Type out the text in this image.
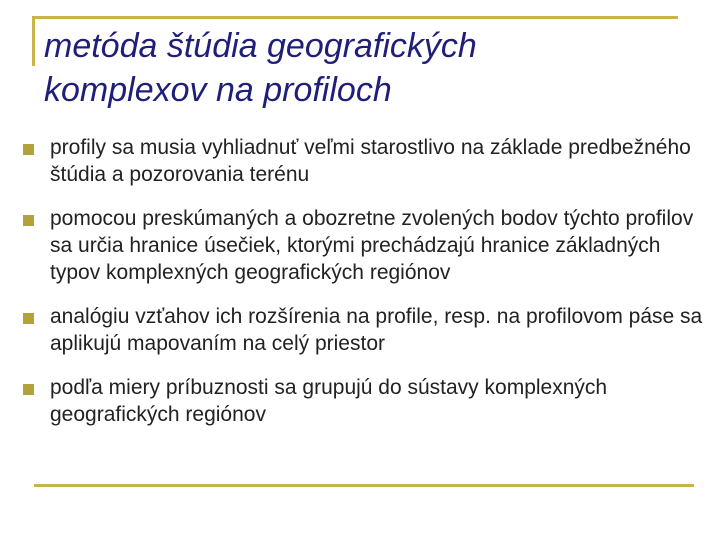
metóda štúdia geografických
komplexov na profiloch
profily sa musia vyhliadnuť veľmi starostlivo na základe predbežného štúdia a pozorovania terénu
pomocou preskúmaných a obozretne zvolených bodov týchto profilov sa určia hranice úsečiek, ktorými prechádzajú hranice základných typov komplexných geografických regiónov
analógiu vzťahov ich rozšírenia na profile, resp. na profilovom páse sa aplikujú mapovaním na celý priestor
podľa miery príbuznosti sa grupujú do sústavy komplexných geografických regiónov
